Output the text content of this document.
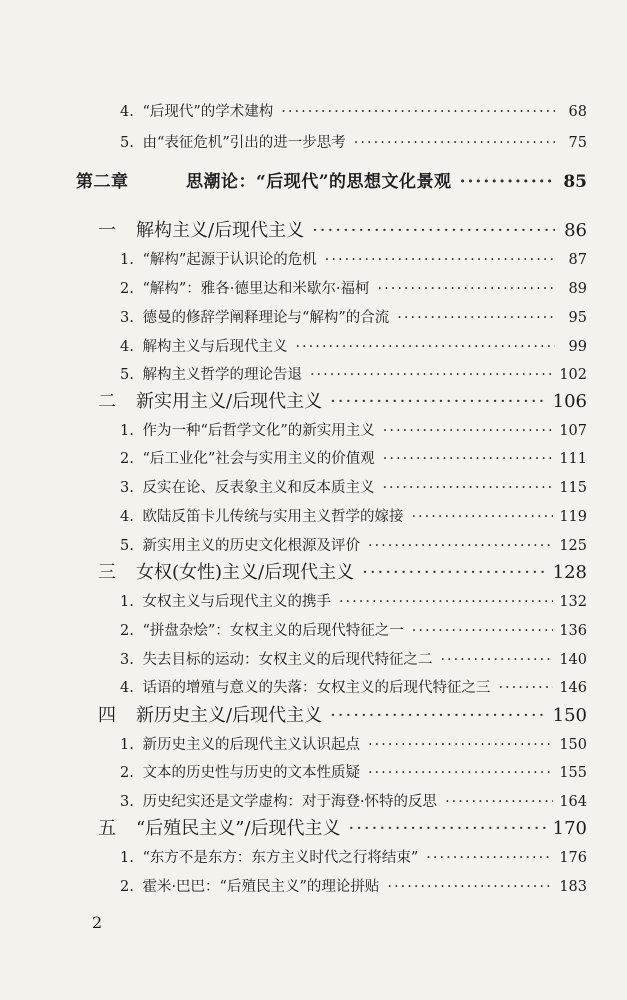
4. “后现代”的学术建构 ·····	68
5. 由“表征危机”引出的进一步思考 ·····	75
第二章	思潮论：“后现代”的思想文化景观 ·····	85
一 解构主义/后现代主义 ·····	86
1. “解构”起源于认识论的危机 ·····	87
2. “解构”：雅各·德里达和米歇尔·福柯 ·····	89
3. 德曼的修辞学阐释理论与“解构”的合流 ·····	95
4. 解构主义与后现代主义 ·····	99
5. 解构主义哲学的理论告退 ·····	102
二 新实用主义/后现代主义 ·····	106
1. 作为一种“后哲学文化”的新实用主义 ·····	107
2. “后工业化”社会与实用主义的价值观 ·····	111
3. 反实在论、反表象主义和反本质主义 ·····	115
4. 欧陆反笛卡儿传统与实用主义哲学的嫁接 ·····	119
5. 新实用主义的历史文化根源及评价 ·····	125
三 女权(女性)主义/后现代主义 ·····	128
1. 女权主义与后现代主义的携手 ·····	132
2. “拼盘杂烩”：女权主义的后现代特征之一 ·····	136
3. 失去目标的运动：女权主义的后现代特征之二 ·····	140
4. 话语的增殖与意义的失落：女权主义的后现代特征之三 ·····	146
四 新历史主义/后现代主义 ·····	150
1. 新历史主义的后现代主义认识起点 ·····	150
2. 文本的历史性与历史的文本性质疑 ·····	155
3. 历史纪实还是文学虚构：对于海登·怀特的反思 ·····	164
五 “后殖民主义”/后现代主义 ·····	170
1. “东方不是东方：东方主义时代之行将结束” ·····	176
2. 霍米·巴巴：“后殖民主义”的理论拼贴 ·····	183
2
